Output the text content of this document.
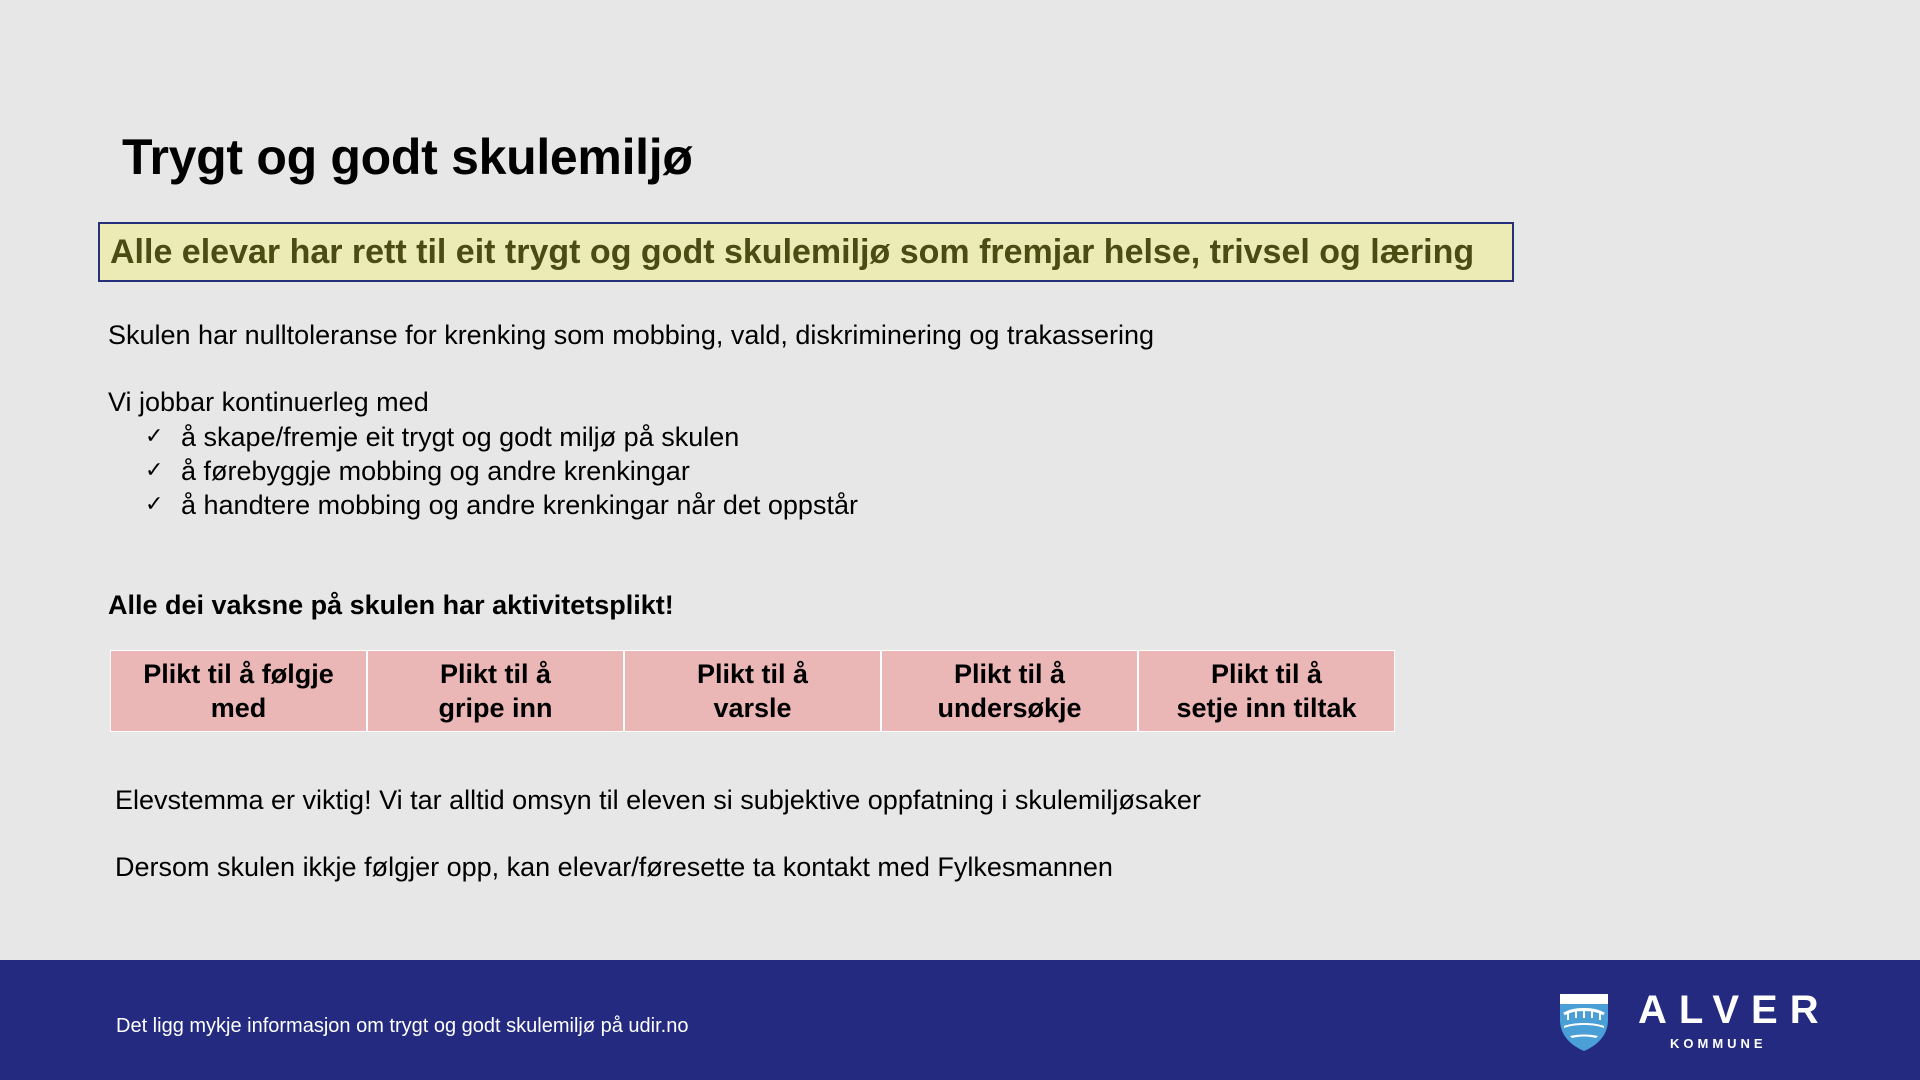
Trygt og godt skulemiljø
Alle elevar har rett til eit trygt og godt skulemiljø som fremjar helse, trivsel og læring
Skulen har nulltoleranse for krenking som mobbing, vald, diskriminering og trakassering
Vi jobbar kontinuerleg med
✓ å skape/fremje eit trygt og godt miljø på skulen
✓ å førebyggje mobbing og andre krenkingar
✓ å handtere mobbing og andre krenkingar når det oppstår
Alle dei vaksne på skulen har aktivitetsplikt!
Plikt til å følgje
med
Plikt til å
gripe inn
Plikt til å
varsle
Plikt til å
undersøkje
Plikt til å
setje inn tiltak
Elevstemma er viktig! Vi tar alltid omsyn til eleven si subjektive oppfatning i skulemiljøsaker
Dersom skulen ikkje følgjer opp, kan elevar/føresette ta kontakt med Fylkesmannen
Det ligg mykje informasjon om trygt og godt skulemiljø på udir.no	ALVER
KOMMUNE
